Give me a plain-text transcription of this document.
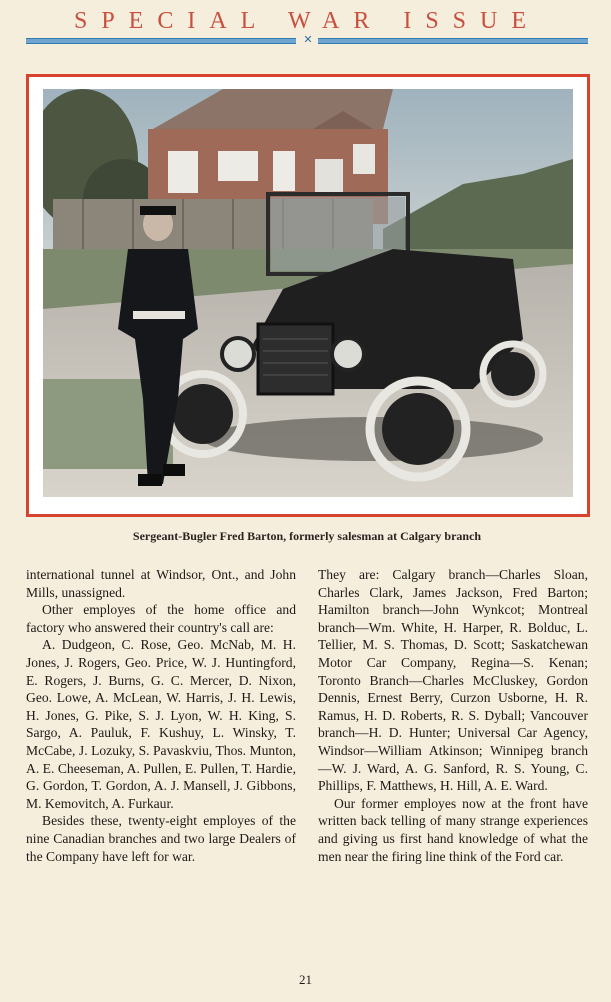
SPECIAL WAR ISSUE
✕
Sergeant-Bugler Fred Barton, formerly salesman at Calgary branch

international tunnel at Windsor, Ont., and John Mills, unassigned.

Other employes of the home office and factory who answered their country's call are:

A. Dudgeon, C. Rose, Geo. McNab, M. H. Jones, J. Rogers, Geo. Price, W. J. Huntingford, E. Rogers, J. Burns, G. C. Mercer, D. Nixon, Geo. Lowe, A. McLean, W. Harris, J. H. Lewis, H. Jones, G. Pike, S. J. Lyon, W. H. King, S. Sargo, A. Pauluk, F. Kushuy, L. Winsky, T. McCabe, J. Lozuky, S. Pavaskviu, Thos. Munton, A. E. Cheeseman, A. Pullen, E. Pullen, T. Hardie, G. Gordon, T. Gordon, A. J. Mansell, J. Gibbons, M. Kemovitch, A. Furkaur.

Besides these, twenty-eight employes of the nine Canadian branches and two large Dealers of the Company have left for war.

They are: Calgary branch—Charles Sloan, Charles Clark, James Jackson, Fred Barton; Hamilton branch—John Wynkcot; Montreal branch—Wm. White, H. Harper, R. Bolduc, L. Tellier, M. S. Thomas, D. Scott; Saskatchewan Motor Car Company, Regina—S. Kenan; Toronto Branch—Charles McCluskey, Gordon Dennis, Ernest Berry, Curzon Usborne, H. R. Ramus, H. D. Roberts, R. S. Dyball; Vancouver branch—H. D. Hunter; Universal Car Agency, Windsor—William Atkinson; Winnipeg branch—W. J. Ward, A. G. Sanford, R. S. Young, C. Phillips, F. Matthews, H. Hill, A. E. Ward.

Our former employes now at the front have written back telling of many strange experiences and giving us first hand knowledge of what the men near the firing line think of the Ford car.

21
